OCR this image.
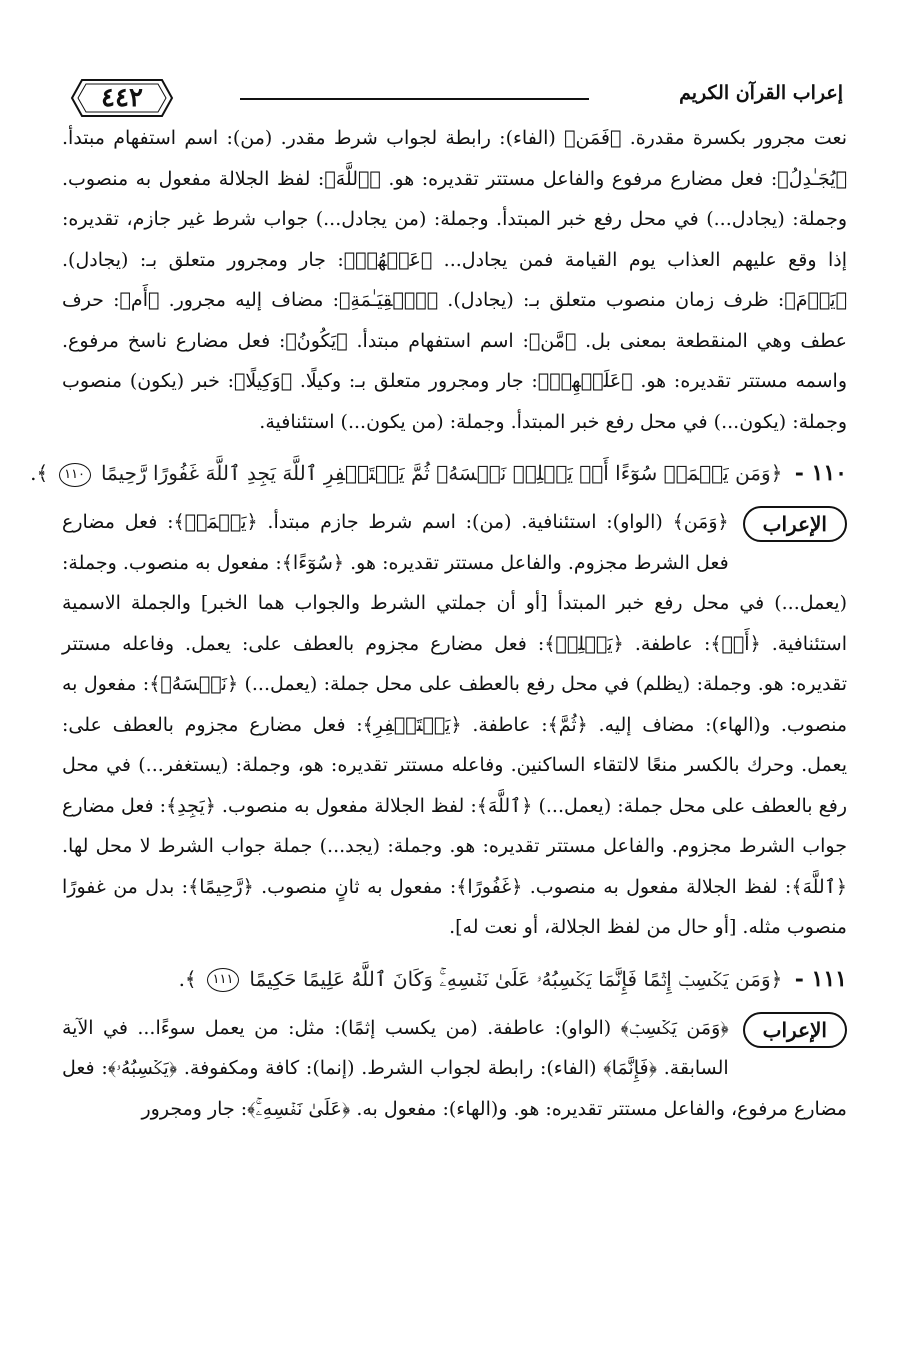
إعراب القرآن الكريم
٤٤٢

نعت مجرور بكسرة مقدرة. ﴿فَمَن﴾ (الفاء): رابطة لجواب شرط مقدر. (من): اسم استفهام مبتدأ. ﴿يُجَـٰدِلُ﴾: فعل مضارع مرفوع والفاعل مستتر تقديره: هو. ﴿ٱللَّهَ﴾: لفظ الجلالة مفعول به منصوب. وجملة: (يجادل...) في محل رفع خبر المبتدأ. وجملة: (من يجادل...) جواب شرط غير جازم، تقديره: إذا وقع عليهم العذاب يوم القيامة فمن يجادل... ﴿عَنۡهُمۡ﴾: جار ومجرور متعلق بـ: (يجادل). ﴿يَوۡمَ﴾: ظرف زمان منصوب متعلق بـ: (يجادل). ﴿ٱلۡقِيَـٰمَةِ﴾: مضاف إليه مجرور. ﴿أَم﴾: حرف عطف وهي المنقطعة بمعنى بل. ﴿مَّن﴾: اسم استفهام مبتدأ. ﴿يَكُونُ﴾: فعل مضارع ناسخ مرفوع. واسمه مستتر تقديره: هو. ﴿عَلَيۡهِمۡ﴾: جار ومجرور متعلق بـ: وكيلًا. ﴿وَكِيلًا﴾: خبر (يكون) منصوب وجملة: (يكون...) في محل رفع خبر المبتدأ. وجملة: (من يكون...) استئنافية.

١١٠ - ﴿وَمَن يَعۡمَلۡ سُوٓءًا أَوۡ يَظۡلِمۡ نَفۡسَهُۥ ثُمَّ يَسۡتَغۡفِرِ ٱللَّهَ يَجِدِ ٱللَّهَ غَفُورًا رَّحِيمًا ١١٠ ﴾.
الإعراب

﴿وَمَن﴾ (الواو): استئنافية. (من): اسم شرط جازم مبتدأ. ﴿يَعۡمَلۡ﴾: فعل مضارع فعل الشرط مجزوم. والفاعل مستتر تقديره: هو. ﴿سُوٓءًا﴾: مفعول به منصوب. وجملة: (يعمل...) في محل رفع خبر المبتدأ [أو أن جملتي الشرط والجواب هما الخبر] والجملة الاسمية استئنافية. ﴿أَوۡ﴾: عاطفة. ﴿يَظۡلِمۡ﴾: فعل مضارع مجزوم بالعطف على: يعمل. وفاعله مستتر تقديره: هو. وجملة: (يظلم) في محل رفع بالعطف على محل جملة: (يعمل...) ﴿نَفۡسَهُۥ﴾: مفعول به منصوب. و(الهاء): مضاف إليه. ﴿ثُمَّ﴾: عاطفة. ﴿يَسۡتَغۡفِرِ﴾: فعل مضارع مجزوم بالعطف على: يعمل. وحرك بالكسر منعًا لالتقاء الساكنين. وفاعله مستتر تقديره: هو، وجملة: (يستغفر...) في محل رفع بالعطف على محل جملة: (يعمل...) ﴿ٱللَّهَ﴾: لفظ الجلالة مفعول به منصوب. ﴿يَجِدِ﴾: فعل مضارع جواب الشرط مجزوم. والفاعل مستتر تقديره: هو. وجملة: (يجد...) جملة جواب الشرط لا محل لها. ﴿ٱللَّهَ﴾: لفظ الجلالة مفعول به منصوب. ﴿غَفُورًا﴾: مفعول به ثانٍ منصوب. ﴿رَّحِيمًا﴾: بدل من غفورًا منصوب مثله. [أو حال من لفظ الجلالة، أو نعت له].

١١١ - ﴿وَمَن يَكۡسِبۡ إِثۡمًا فَإِنَّمَا يَكۡسِبُهُۥ عَلَىٰ نَفۡسِهِۦۚ وَكَانَ ٱللَّهُ عَلِيمًا حَكِيمًا ١١١ ﴾.
الإعراب

﴿وَمَن يَكۡسِبۡ﴾ (الواو): عاطفة. (من يكسب إثمًا): مثل: من يعمل سوءًا... في الآية السابقة. ﴿فَإِنَّمَا﴾ (الفاء): رابطة لجواب الشرط. (إنما): كافة ومكفوفة. ﴿يَكۡسِبُهُۥ﴾: فعل مضارع مرفوع، والفاعل مستتر تقديره: هو. و(الهاء): مفعول به. ﴿عَلَىٰ نَفۡسِهِۦۚ﴾: جار ومجرور
